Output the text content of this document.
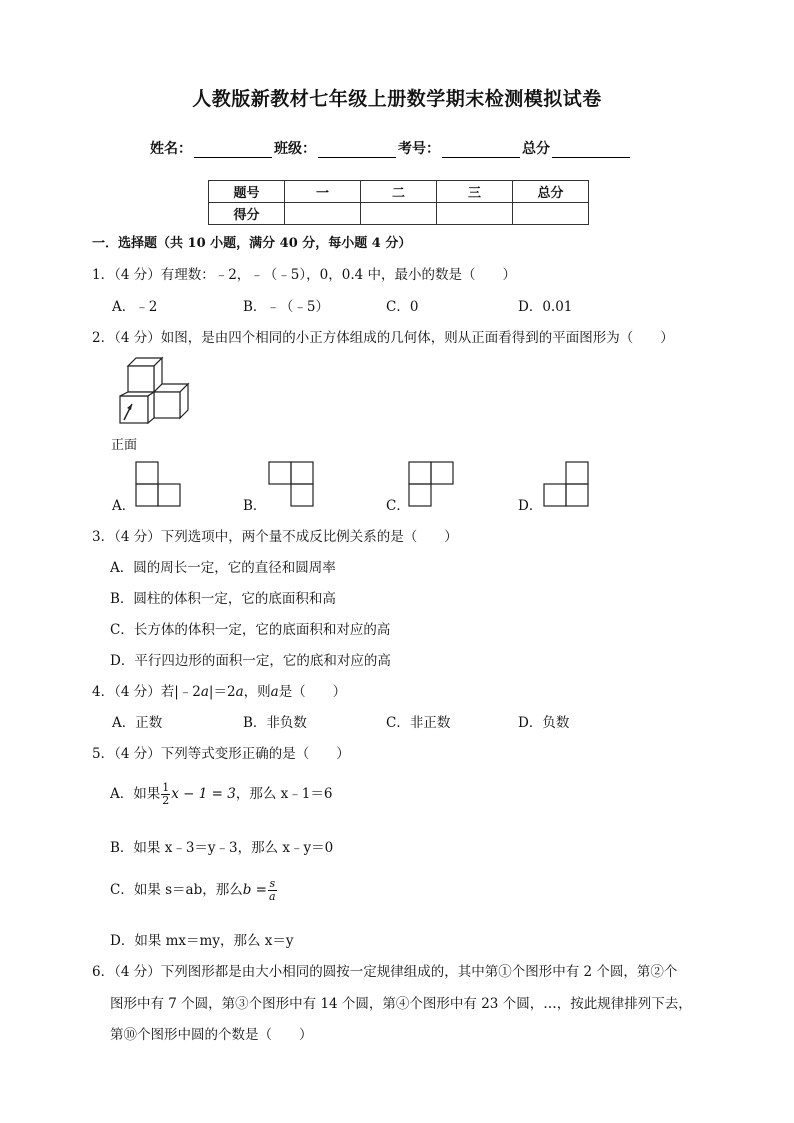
人教版新教材七年级上册数学期末检测模拟试卷
姓名：	班级：	考号：	总分
题号	一	二	三	总分
得分				
一．选择题（共 10 小题，满分 40 分，每小题 4 分）
1．（4 分）有理数：﹣2，﹣（﹣5），0，0.4 中，最小的数是（　　）
A．﹣2	B．﹣（﹣5）	C．0	D．0.01
2．（4 分）如图，是由四个相同的小正方体组成的几何体，则从正面看得到的平面图形为（　　）
正面
A．	B．	C．	D．
3．（4 分）下列选项中，两个量不成反比例关系的是（　　）
A．圆的周长一定，它的直径和圆周率
B．圆柱的体积一定，它的底面积和高
C．长方体的体积一定，它的底面积和对应的高
D．平行四边形的面积一定，它的底和对应的高
4．（4 分）若|﹣2a|＝2a，则a是（　　）
A．正数	B．非负数	C．非正数	D．负数
5．（4 分）下列等式变形正确的是（　　）
A．如果 $\frac{1}{2}$ x − 1 = 3，那么 x﹣1＝6
B．如果 x﹣3＝y﹣3，那么 x﹣y＝0
C．如果 s＝ab，那么$b = \frac{s}{a}$
D．如果 mx＝my，那么 x＝y
6．（4 分）下列图形都是由大小相同的圆按一定规律组成的，其中第①个图形中有 2 个圆，第②个
图形中有 7 个圆，第③个图形中有 14 个圆，第④个图形中有 23 个圆，…，按此规律排列下去，
第⑩个图形中圆的个数是（　　）
